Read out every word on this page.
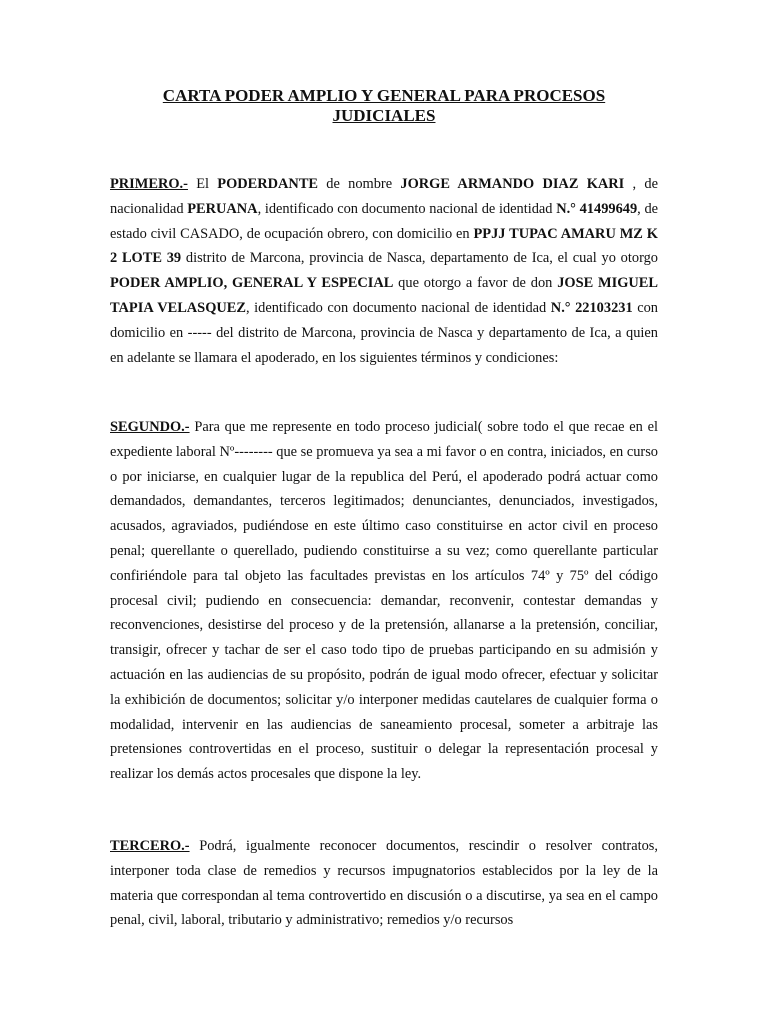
CARTA PODER AMPLIO Y GENERAL PARA PROCESOS JUDICIALES

PRIMERO.- El PODERDANTE de nombre JORGE ARMANDO DIAZ KARI , de nacionalidad PERUANA, identificado con documento nacional de identidad N.° 41499649, de estado civil CASADO, de ocupación obrero, con domicilio en PPJJ TUPAC AMARU MZ K 2 LOTE 39 distrito de Marcona, provincia de Nasca, departamento de Ica, el cual yo otorgo PODER AMPLIO, GENERAL Y ESPECIAL que otorgo a favor de don JOSE MIGUEL TAPIA VELASQUEZ, identificado con documento nacional de identidad N.° 22103231 con domicilio en ----- del distrito de Marcona, provincia de Nasca y departamento de Ica, a quien en adelante se llamara el apoderado, en los siguientes términos y condiciones:

SEGUNDO.- Para que me represente en todo proceso judicial( sobre todo el que recae en el expediente laboral Nº-------- que se promueva ya sea a mi favor o en contra, iniciados, en curso o por iniciarse, en cualquier lugar de la republica del Perú, el apoderado podrá actuar como demandados, demandantes, terceros legitimados; denunciantes, denunciados, investigados, acusados, agraviados, pudiéndose en este último caso constituirse en actor civil en proceso penal; querellante o querellado, pudiendo constituirse a su vez; como querellante particular confiriéndole para tal objeto las facultades previstas en los artículos 74º y 75º del código procesal civil; pudiendo en consecuencia: demandar, reconvenir, contestar demandas y reconvenciones, desistirse del proceso y de la pretensión, allanarse a la pretensión, conciliar, transigir, ofrecer y tachar de ser el caso todo tipo de pruebas participando en su admisión y actuación en las audiencias de su propósito, podrán de igual modo ofrecer, efectuar y solicitar la exhibición de documentos; solicitar y/o interponer medidas cautelares de cualquier forma o modalidad, intervenir en las audiencias de saneamiento procesal, someter a arbitraje las pretensiones controvertidas en el proceso, sustituir o delegar la representación procesal y realizar los demás actos procesales que dispone la ley.

TERCERO.- Podrá, igualmente reconocer documentos, rescindir o resolver contratos, interponer toda clase de remedios y recursos impugnatorios establecidos por la ley de la materia que correspondan al tema controvertido en discusión o a discutirse, ya sea en el campo penal, civil, laboral, tributario y administrativo; remedios y/o recursos
